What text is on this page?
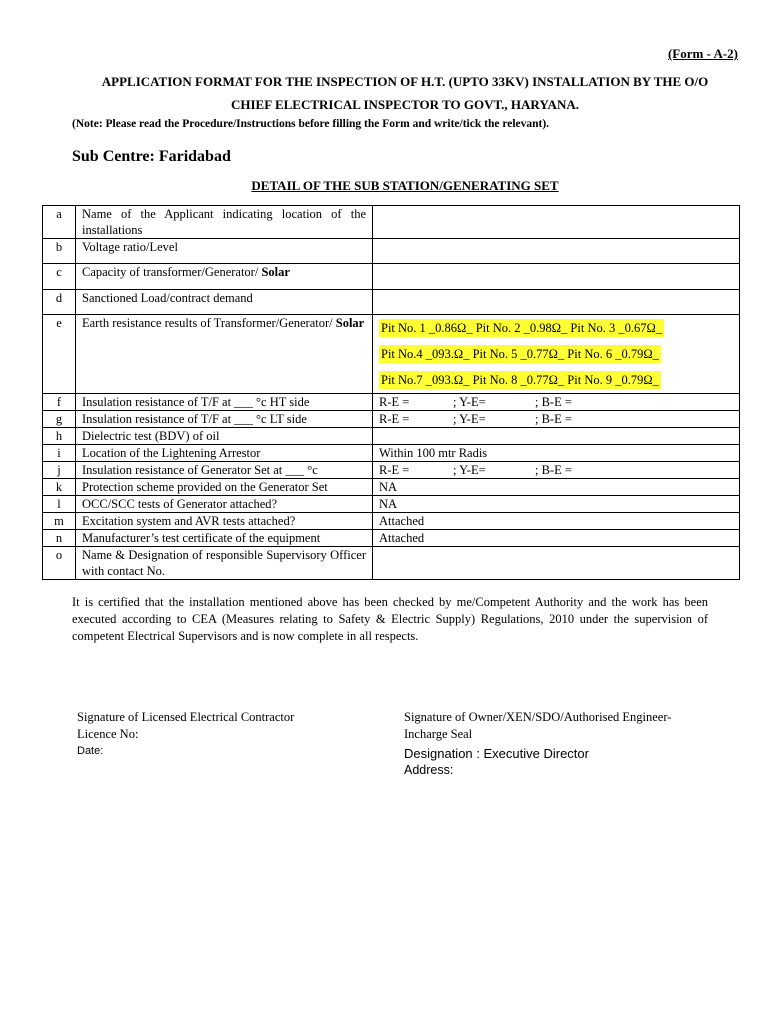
(Form - A-2)
APPLICATION FORMAT FOR THE INSPECTION OF H.T. (UPTO 33KV) INSTALLATION BY THE O/O
CHIEF ELECTRICAL INSPECTOR TO GOVT., HARYANA.
(Note: Please read the Procedure/Instructions before filling the Form and write/tick the relevant).
Sub Centre: Faridabad
DETAIL OF THE SUB STATION/GENERATING SET
a	Name of the Applicant indicating location of the installations	
b	Voltage ratio/Level	
c	Capacity of transformer/Generator/ Solar	
d	Sanctioned Load/contract demand	
e	Earth resistance results of Transformer/Generator/ Solar	Pit No. 1 _0.86Ω_ Pit No. 2 _0.98Ω_ Pit No. 3 _0.67Ω_
Pit No.4 _093.Ω_ Pit No. 5 _0.77Ω_ Pit No. 6 _0.79Ω_
Pit No.7 _093.Ω_ Pit No. 8 _0.77Ω_ Pit No. 9 _0.79Ω_

f	Insulation resistance of T/F at ___ °c HT side	R-E = ; Y-E= ; B-E =
g	Insulation resistance of T/F at ___ °c LT side	R-E = ; Y-E= ; B-E =
h	Dielectric test (BDV) of oil	
i	Location of the Lightening Arrestor	Within 100 mtr Radis
j	Insulation resistance of Generator Set at ___ °c	R-E = ; Y-E= ; B-E =
k	Protection scheme provided on the Generator Set	NA
l	OCC/SCC tests of Generator attached?	NA
m	Excitation system and AVR tests attached?	Attached
n	Manufacturer’s test certificate of the equipment	Attached
o	Name & Designation of responsible Supervisory Officer with contact No.	
It is certified that the installation mentioned above has been checked by me/Competent Authority and the work has been executed according to CEA (Measures relating to Safety & Electric Supply) Regulations, 2010 under the supervision of competent Electrical Supervisors and is now complete in all respects.
Signature of Licensed Electrical Contractor
Licence No:
Date:
Signature of Owner/XEN/SDO/Authorised Engineer-
Incharge Seal
Designation : Executive Director
Address:
